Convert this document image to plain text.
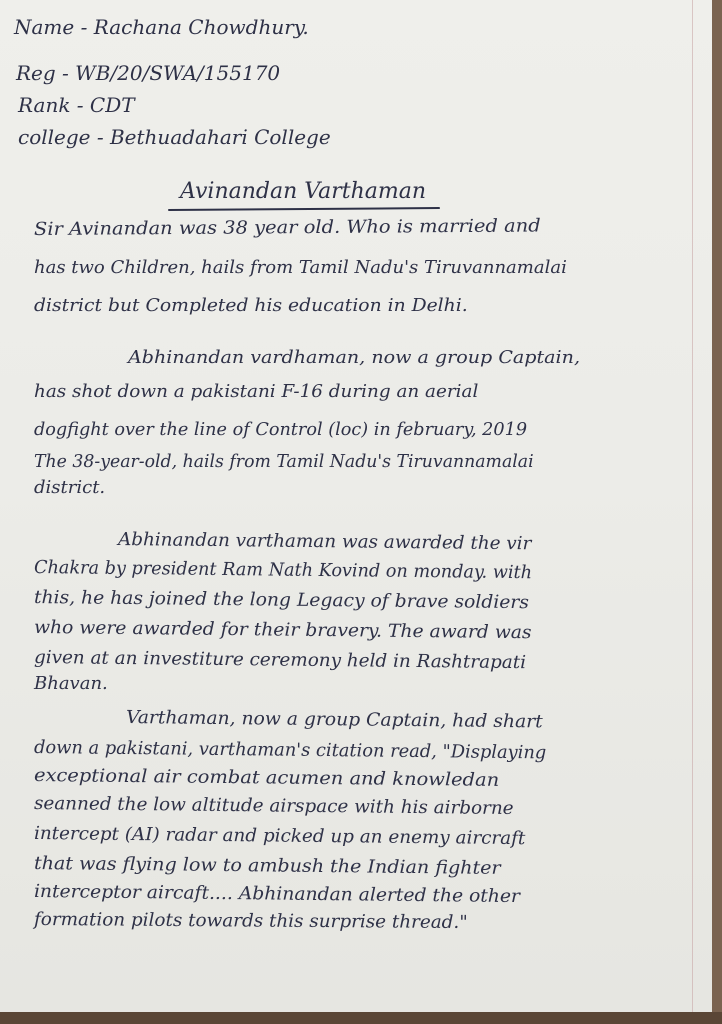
Name - Rachana Chowdhury.
Reg - WB/20/SWA/155170
Rank - CDT
college - Bethuadahari College
Avinandan Varthaman
Sir Avinandan was 38 year old. Who is married and
has two Children, hails from Tamil Nadu's Tiruvannamalai
district but Completed his education in Delhi.
Abhinandan vardhaman, now a group Captain,
has shot down a pakistani F-16 during an aerial
dogfight over the line of Control (loc) in february, 2019
The 38-year-old, hails from Tamil Nadu's Tiruvannamalai
district.
Abhinandan varthaman was awarded the vir
Chakra by president Ram Nath Kovind on monday. with
this, he has joined the long Legacy of brave soldiers
who were awarded for their bravery. The award was
given at an investiture ceremony held in Rashtrapati
Bhavan.
Varthaman, now a group Captain, had shart
down a pakistani, varthaman's citation read, "Displaying
exceptional air combat acumen and knowledan
seanned the low altitude airspace with his airborne
intercept (AI) radar and picked up an enemy aircraft
that was flying low to ambush the Indian fighter
interceptor aircaft.... Abhinandan alerted the other
formation pilots towards this surprise thread."
